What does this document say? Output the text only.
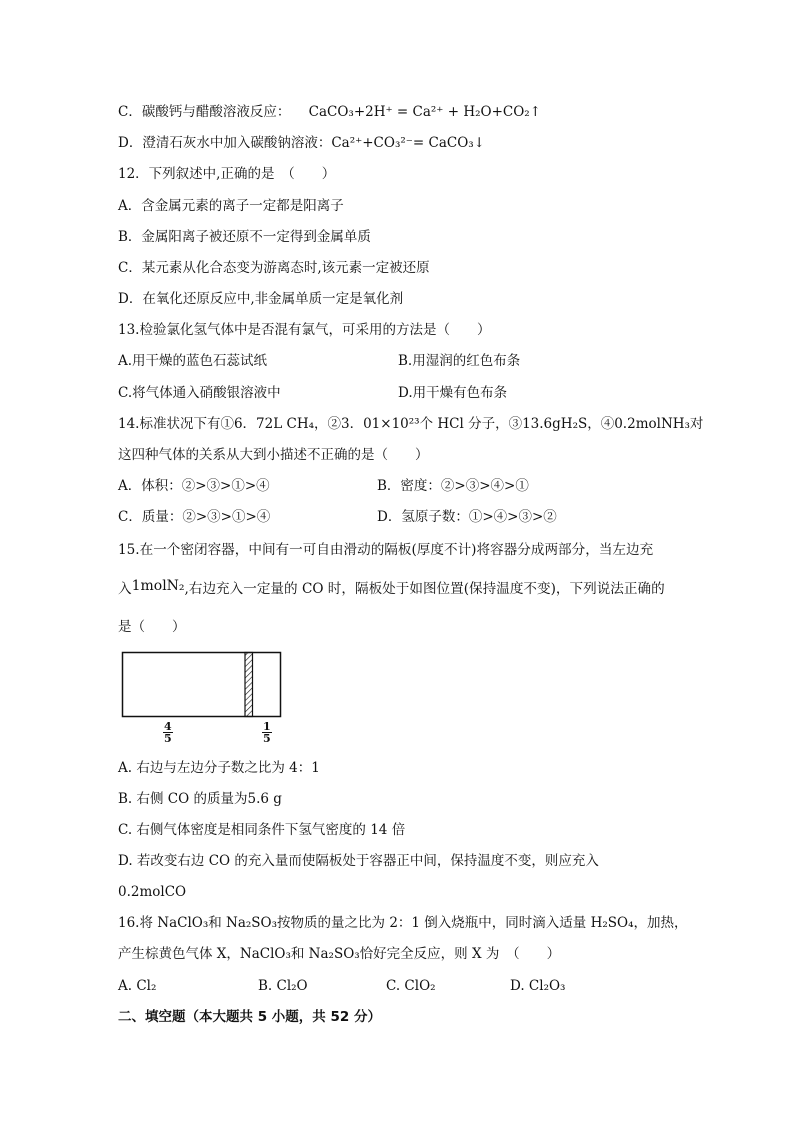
C．碳酸钙与醋酸溶液反应： CaCO₃+2H⁺ = Ca²⁺ + H₂O+CO₂↑
D．澄清石灰水中加入碳酸钠溶液：Ca²⁺+CO₃²⁻= CaCO₃↓
12．下列叙述中,正确的是　（　　）
A．含金属元素的离子一定都是阳离子
B．金属阳离子被还原不一定得到金属单质
C．某元素从化合态变为游离态时,该元素一定被还原
D．在氧化还原反应中,非金属单质一定是氧化剂
13.检验氯化氢气体中是否混有氯气，可采用的方法是（　　）
A.用干燥的蓝色石蕊试纸	B.用湿润的红色布条
C.将气体通入硝酸银溶液中	D.用干燥有色布条
14.标准状况下有①6．72L CH₄，②3．01×10²³个 HCl 分子，③13.6gH₂S，④0.2molNH₃对
这四种气体的关系从大到小描述不正确的是（　　）
A．体积：②>③>①>④	B．密度：②>③>④>①
C．质量：②>③>①>④	D．氢原子数：①>④>③>②
15.在一个密闭容器，中间有一可自由滑动的隔板(厚度不计)将容器分成两部分，当左边充
入1molN₂,右边充入一定量的 CO 时，隔板处于如图位置(保持温度不变)，下列说法正确的
是（　　）
$\frac{4}{5}$	$\frac{1}{5}$
A. 右边与左边分子数之比为 4：1
B. 右侧 CO 的质量为5.6 g
C. 右侧气体密度是相同条件下氢气密度的 14 倍
D. 若改变右边 CO 的充入量而使隔板处于容器正中间，保持温度不变，则应充入
0.2molCO
16.将 NaClO₃和 Na₂SO₃按物质的量之比为 2：1 倒入烧瓶中，同时滴入适量 H₂SO₄，加热，
产生棕黄色气体 X，NaClO₃和 Na₂SO₃恰好完全反应，则 X 为　（　　）
A. Cl₂	B. Cl₂O	C. ClO₂	D. Cl₂O₃
二、填空题（本大题共 5 小题，共 52 分）
